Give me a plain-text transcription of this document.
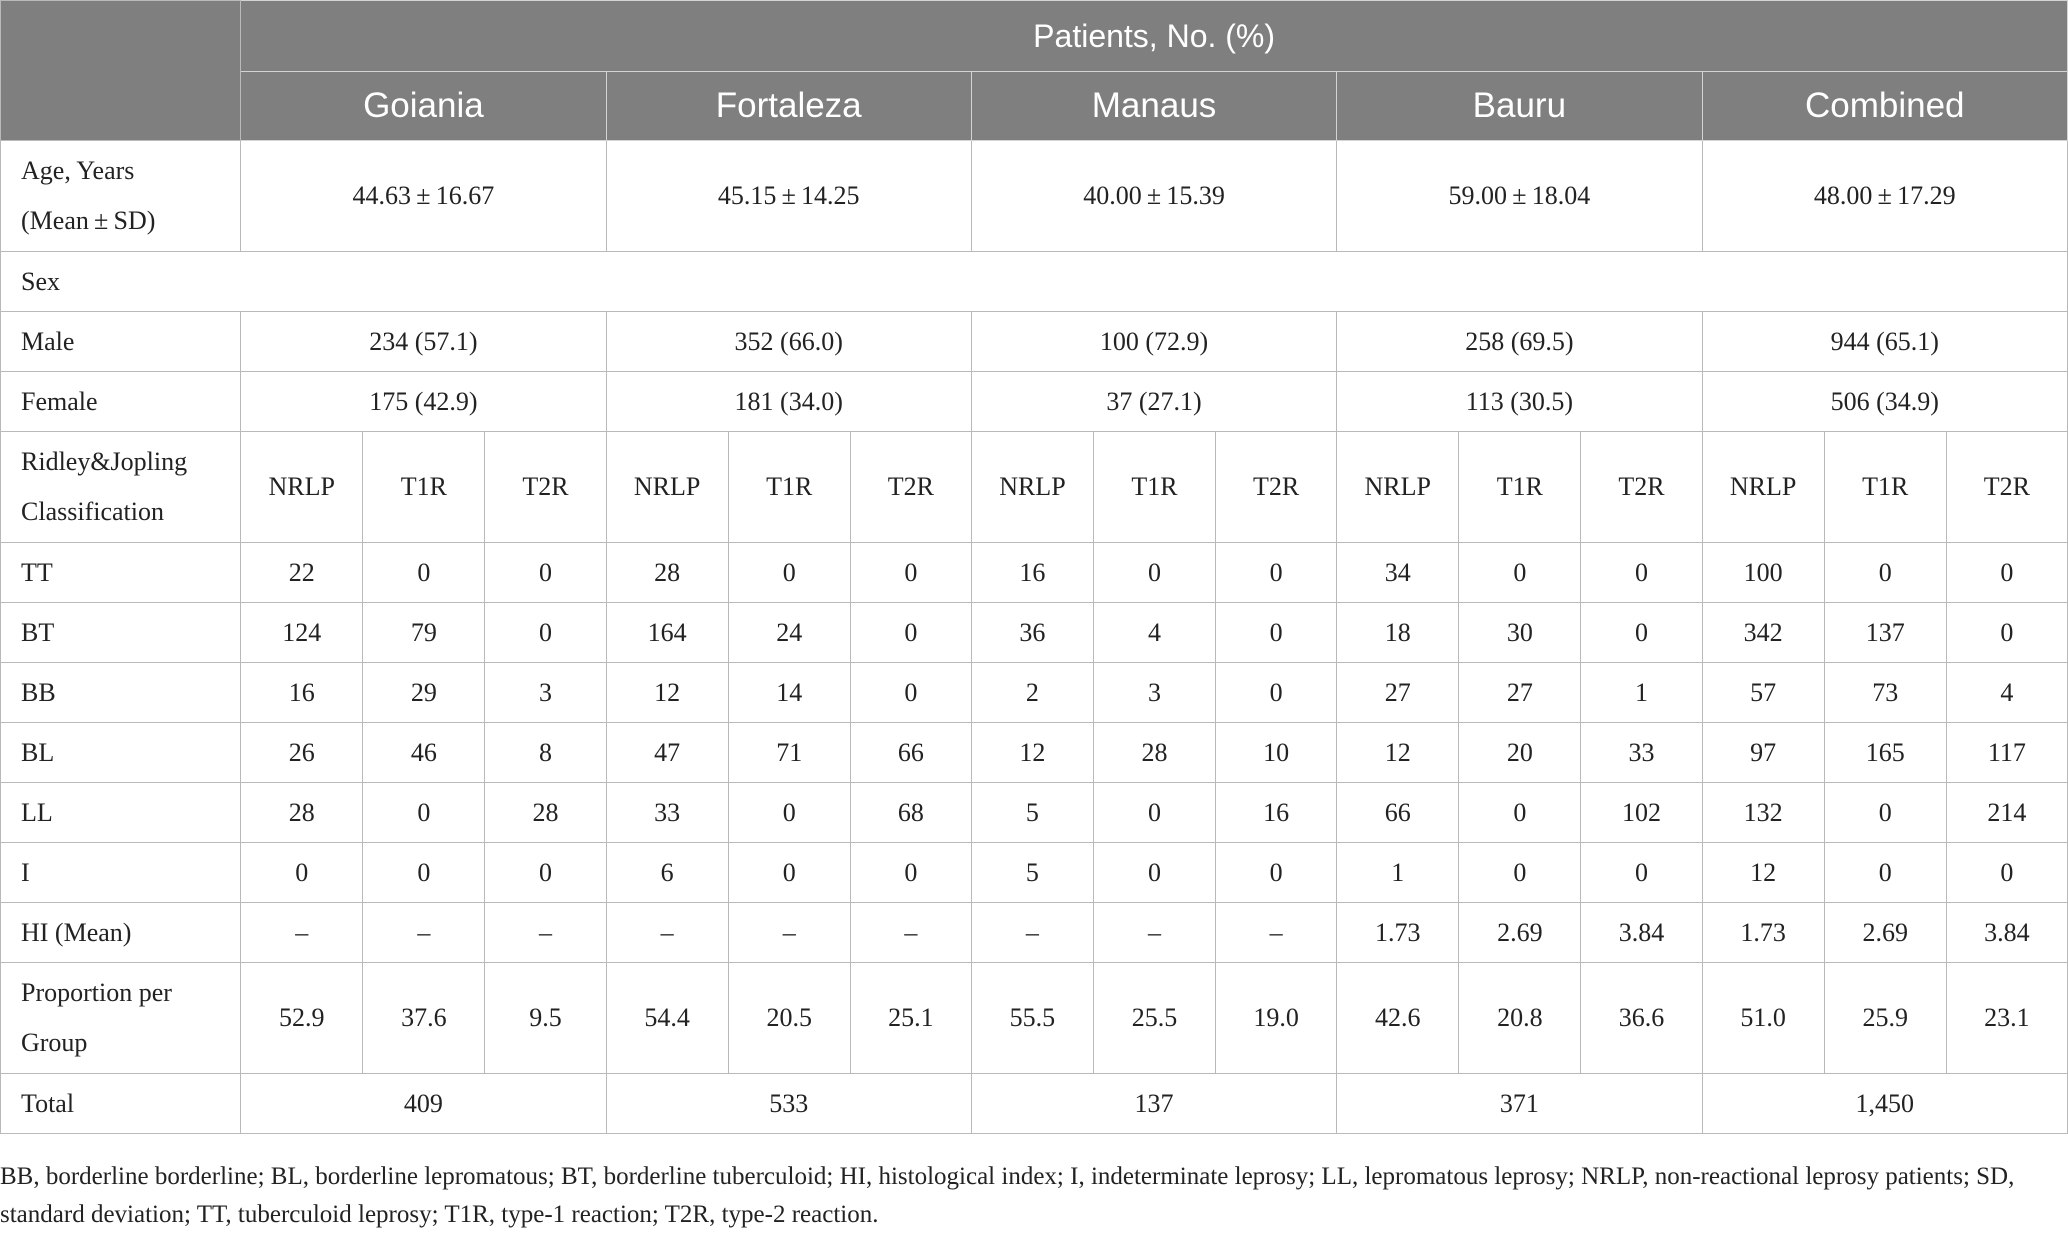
	Patients, No. (%)														
	Goiania			Fortaleza			Manaus			Bauru			Combined		
Age, Years (Mean ± SD)	44.63 ± 16.67			45.15 ± 14.25			40.00 ± 15.39			59.00 ± 18.04			48.00 ± 17.29		
Sex															
Male	234 (57.1)			352 (66.0)			100 (72.9)			258 (69.5)			944 (65.1)		
Female	175 (42.9)			181 (34.0)			37 (27.1)			113 (30.5)			506 (34.9)		
Ridley&Jopling Classification	NRLP	T1R	T2R	NRLP	T1R	T2R	NRLP	T1R	T2R	NRLP	T1R	T2R	NRLP	T1R	T2R
TT	22	0	0	28	0	0	16	0	0	34	0	0	100	0	0
BT	124	79	0	164	24	0	36	4	0	18	30	0	342	137	0
BB	16	29	3	12	14	0	2	3	0	27	27	1	57	73	4
BL	26	46	8	47	71	66	12	28	10	12	20	33	97	165	117
LL	28	0	28	33	0	68	5	0	16	66	0	102	132	0	214
I	0	0	0	6	0	0	5	0	0	1	0	0	12	0	0
HI (Mean)	–	–	–	–	–	–	–	–	–	1.73	2.69	3.84	1.73	2.69	3.84
Proportion per Group	52.9	37.6	9.5	54.4	20.5	25.1	55.5	25.5	19.0	42.6	20.8	36.6	51.0	25.9	23.1
Total	409			533			137			371			1,450		
BB, borderline borderline; BL, borderline lepromatous; BT, borderline tuberculoid; HI, histological index; I, indeterminate leprosy; LL, lepromatous leprosy; NRLP, non-reactional leprosy patients; SD, standard deviation; TT, tuberculoid leprosy; T1R, type-1 reaction; T2R, type-2 reaction.
